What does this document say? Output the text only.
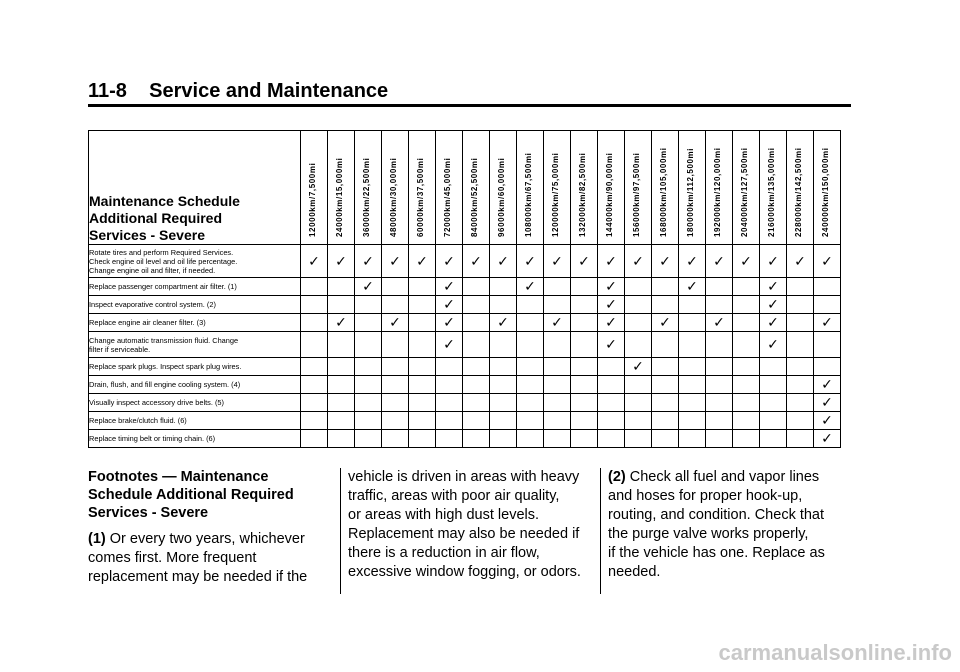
11-8 Service and Maintenance
Maintenance Schedule
Additional Required
Services - Severe	12000km/7,500mi	24000km/15,000mi	36000km/22,500mi	48000km/30,000mi	60000km/37,500mi	72000km/45,000mi	84000km/52,500mi	96000km/60,000mi	108000km/67,500mi	120000km/75,000mi	132000km/82,500mi	144000km/90,000mi	156000km/97,500mi	168000km/105,000mi	180000km/112,500mi	192000km/120,000mi	204000km/127,500mi	216000km/135,000mi	228000km/142,500mi	240000km/150,000mi

Rotate tires and perform Required Services.
Check engine oil level and oil life percentage.
Change engine oil and filter, if needed.	✓	✓	✓	✓	✓	✓	✓	✓	✓	✓	✓	✓	✓	✓	✓	✓	✓	✓	✓	✓

Replace passenger compartment air filter. (1)			✓			✓			✓			✓			✓			✓		

Inspect evaporative control system. (2)						✓						✓						✓		

Replace engine air cleaner filter. (3)		✓		✓		✓		✓		✓		✓		✓		✓		✓		✓

Change automatic transmission fluid. Change
filter if serviceable.						✓						✓						✓		

Replace spark plugs. Inspect spark plug wires.													✓							

Drain, flush, and fill engine cooling system. (4)																				✓

Visually inspect accessory drive belts. (5)																				✓

Replace brake/clutch fluid. (6)																				✓

Replace timing belt or timing chain. (6)																				✓
Footnotes — Maintenance
Schedule Additional Required
Services - Severe

(1) Or every two years, whichever
comes first. More frequent
replacement may be needed if the

vehicle is driven in areas with heavy
traffic, areas with poor air quality,
or areas with high dust levels.
Replacement may also be needed if
there is a reduction in air flow,
excessive window fogging, or odors.

(2) Check all fuel and vapor lines
and hoses for proper hook-up,
routing, and condition. Check that
the purge valve works properly,
if the vehicle has one. Replace as
needed.

carmanualsonline.info
